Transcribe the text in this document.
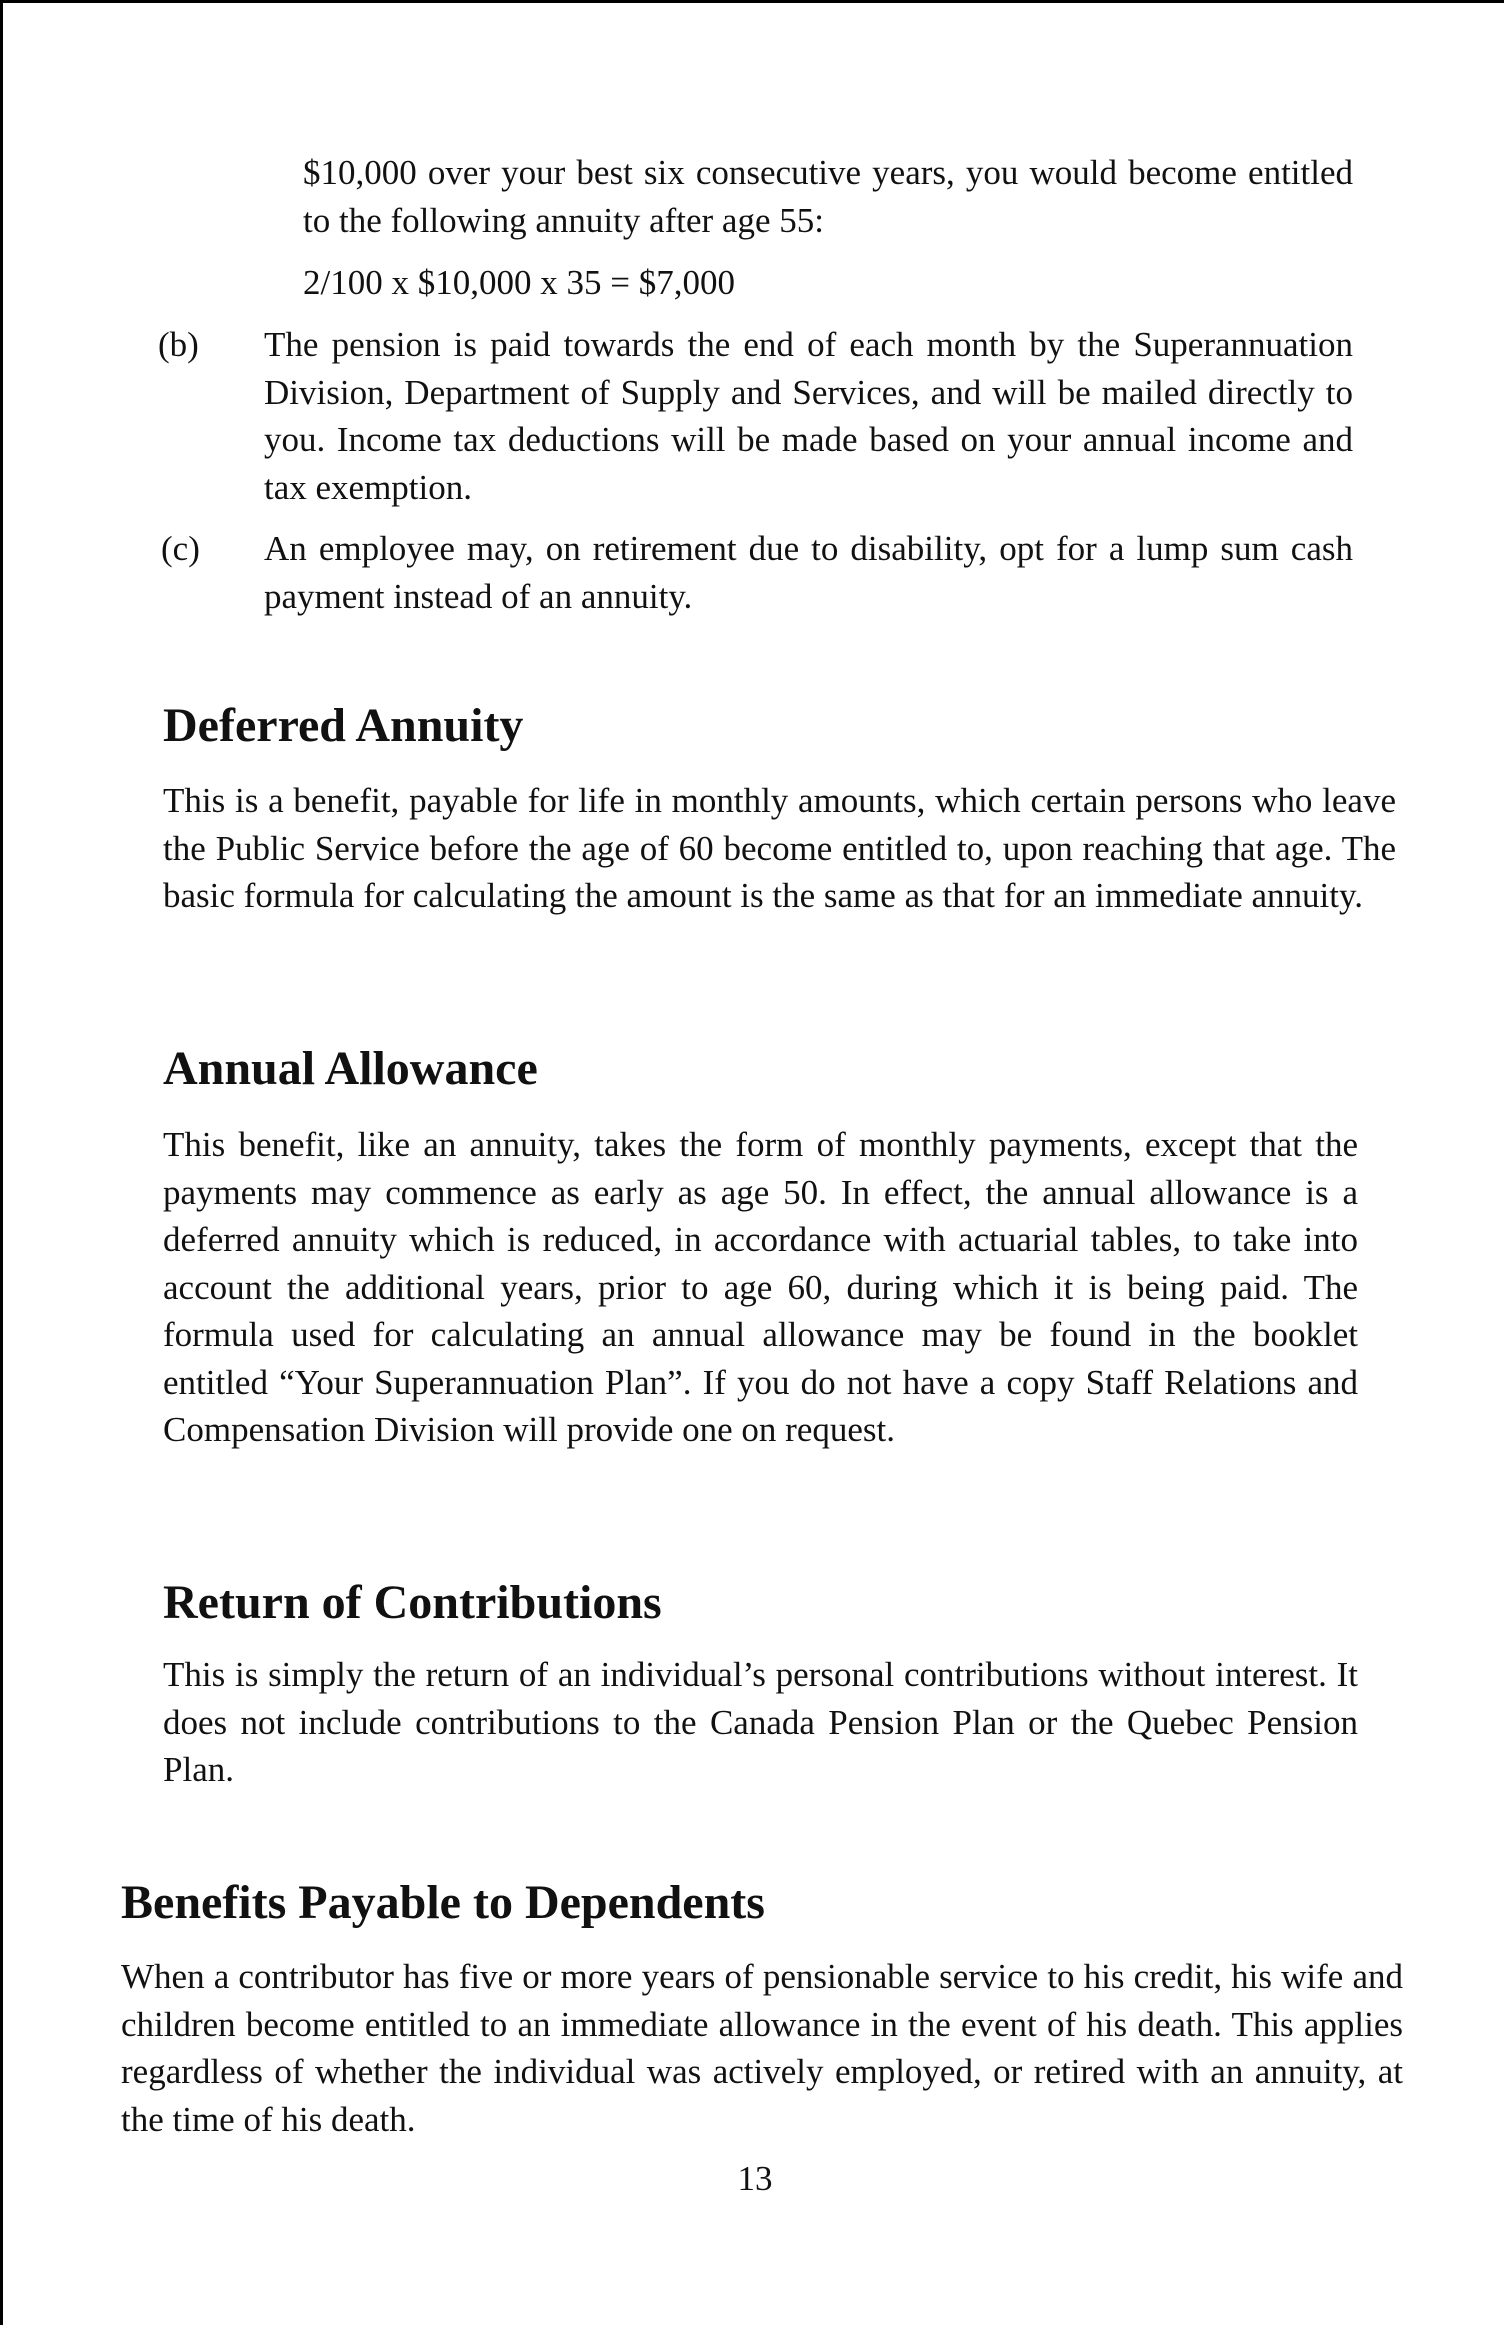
$10,000 over your best six consecutive years, you would become entitled to the following annuity after age 55:

2/100 x $10,000 x 35 = $7,000
(b) The pension is paid towards the end of each month by the Superannuation Division, Department of Supply and Services, and will be mailed directly to you. Income tax deductions will be made based on your annual income and tax exemption.

(c) An employee may, on retirement due to disability, opt for a lump sum cash payment instead of an annuity.

Deferred Annuity

This is a benefit, payable for life in monthly amounts, which certain persons who leave the Public Service before the age of 60 become entitled to, upon reaching that age. The basic formula for calculating the amount is the same as that for an immediate annuity.

Annual Allowance

This benefit, like an annuity, takes the form of monthly payments, except that the payments may commence as early as age 50. In effect, the annual allowance is a deferred annuity which is reduced, in accordance with actuarial tables, to take into account the additional years, prior to age 60, during which it is being paid. The formula used for calculating an annual allowance may be found in the booklet entitled “Your Superannuation Plan”. If you do not have a copy Staff Relations and Compensation Division will provide one on request.

Return of Contributions

This is simply the return of an individual’s personal contributions without interest. It does not include contributions to the Canada Pension Plan or the Quebec Pension Plan.

Benefits Payable to Dependents

When a contributor has five or more years of pensionable service to his credit, his wife and children become entitled to an immediate allowance in the event of his death. This applies regardless of whether the individual was actively employed, or retired with an annuity, at the time of his death.

13
